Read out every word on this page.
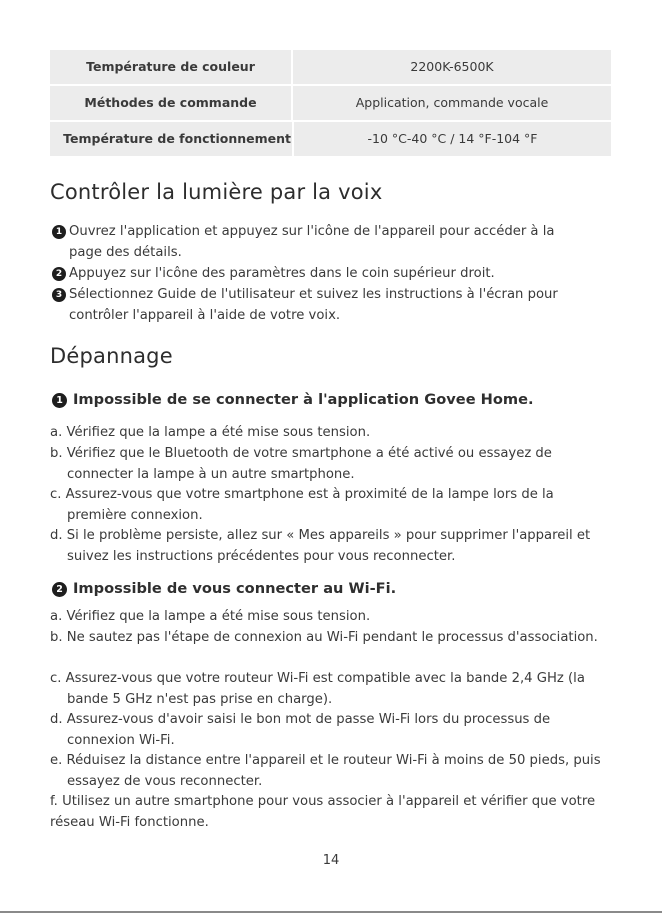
Température de couleur	2200K-6500K
Méthodes de commande	Application, commande vocale
Température de fonctionnement	-10 °C-40 °C / 14 °F-104 °F
Contrôler la lumière par la voix
1 Ouvrez l'application et appuyez sur l'icône de l'appareil pour accéder à la
page des détails.
2 Appuyez sur l'icône des paramètres dans le coin supérieur droit.
3 Sélectionnez Guide de l'utilisateur et suivez les instructions à l'écran pour
contrôler l'appareil à l'aide de votre voix.
Dépannage
1 Impossible de se connecter à l'application Govee Home.
a. Vérifiez que la lampe a été mise sous tension.
b. Vérifiez que le Bluetooth de votre smartphone a été activé ou essayez de connecter la lampe à un autre smartphone.
c. Assurez-vous que votre smartphone est à proximité de la lampe lors de la première connexion.
d. Si le problème persiste, allez sur « Mes appareils » pour supprimer l'appareil et suivez les instructions précédentes pour vous reconnecter.
2 Impossible de vous connecter au Wi-Fi.
a. Vérifiez que la lampe a été mise sous tension.
b. Ne sautez pas l'étape de connexion au Wi-Fi pendant le processus d'association.
c. Assurez-vous que votre routeur Wi-Fi est compatible avec la bande 2,4 GHz (la bande 5 GHz n'est pas prise en charge).
d. Assurez-vous d'avoir saisi le bon mot de passe Wi-Fi lors du processus de connexion Wi-Fi.
e. Réduisez la distance entre l'appareil et le routeur Wi-Fi à moins de 50 pieds, puis essayez de vous reconnecter.
f. Utilisez un autre smartphone pour vous associer à l'appareil et vérifier que votre réseau Wi-Fi fonctionne.
14
